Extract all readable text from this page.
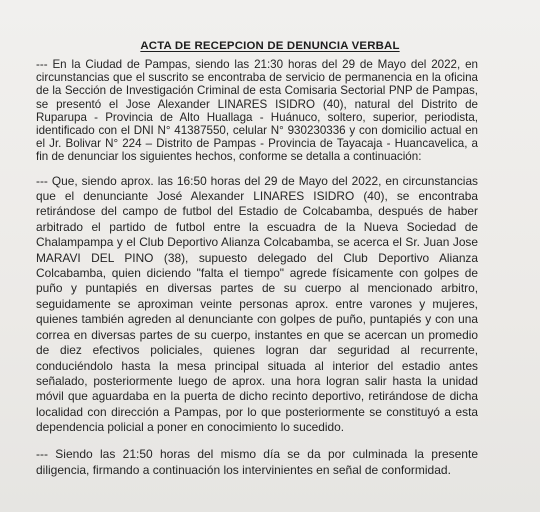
ACTA DE RECEPCION DE DENUNCIA VERBAL

--- En la Ciudad de Pampas, siendo las 21:30 horas del 29 de Mayo del 2022, en circunstancias que el suscrito se encontraba de servicio de permanencia en la oficina de la Sección de Investigación Criminal de esta Comisaria Sectorial PNP de Pampas, se presentó el Jose Alexander LINARES ISIDRO (40), natural del Distrito de Ruparupa - Provincia de Alto Huallaga - Huánuco, soltero, superior, periodista, identificado con el DNI N° 41387550, celular N° 930230336 y con domicilio actual en el Jr. Bolivar N° 224 – Distrito de Pampas - Provincia de Tayacaja - Huancavelica, a fin de denunciar los siguientes hechos, conforme se detalla a continuación:

--- Que, siendo aprox. las 16:50 horas del 29 de Mayo del 2022, en circunstancias que el denunciante José Alexander LINARES ISIDRO (40), se encontraba retirándose del campo de futbol del Estadio de Colcabamba, después de haber arbitrado el partido de futbol entre la escuadra de la Nueva Sociedad de Chalampampa y el Club Deportivo Alianza Colcabamba, se acerca el Sr. Juan Jose MARAVI DEL PINO (38), supuesto delegado del Club Deportivo Alianza Colcabamba, quien diciendo "falta el tiempo" agrede físicamente con golpes de puño y puntapiés en diversas partes de su cuerpo al mencionado arbitro, seguidamente se aproximan veinte personas aprox. entre varones y mujeres, quienes también agreden al denunciante con golpes de puño, puntapiés y con una correa en diversas partes de su cuerpo, instantes en que se acercan un promedio de diez efectivos policiales, quienes logran dar seguridad al recurrente, conduciéndolo hasta la mesa principal situada al interior del estadio antes señalado, posteriormente luego de aprox. una hora logran salir hasta la unidad móvil que aguardaba en la puerta de dicho recinto deportivo, retirándose de dicha localidad con dirección a Pampas, por lo que posteriormente se constituyó a esta dependencia policial a poner en conocimiento lo sucedido.

--- Siendo las 21:50 horas del mismo día se da por culminada la presente diligencia, firmando a continuación los intervinientes en señal de conformidad.
